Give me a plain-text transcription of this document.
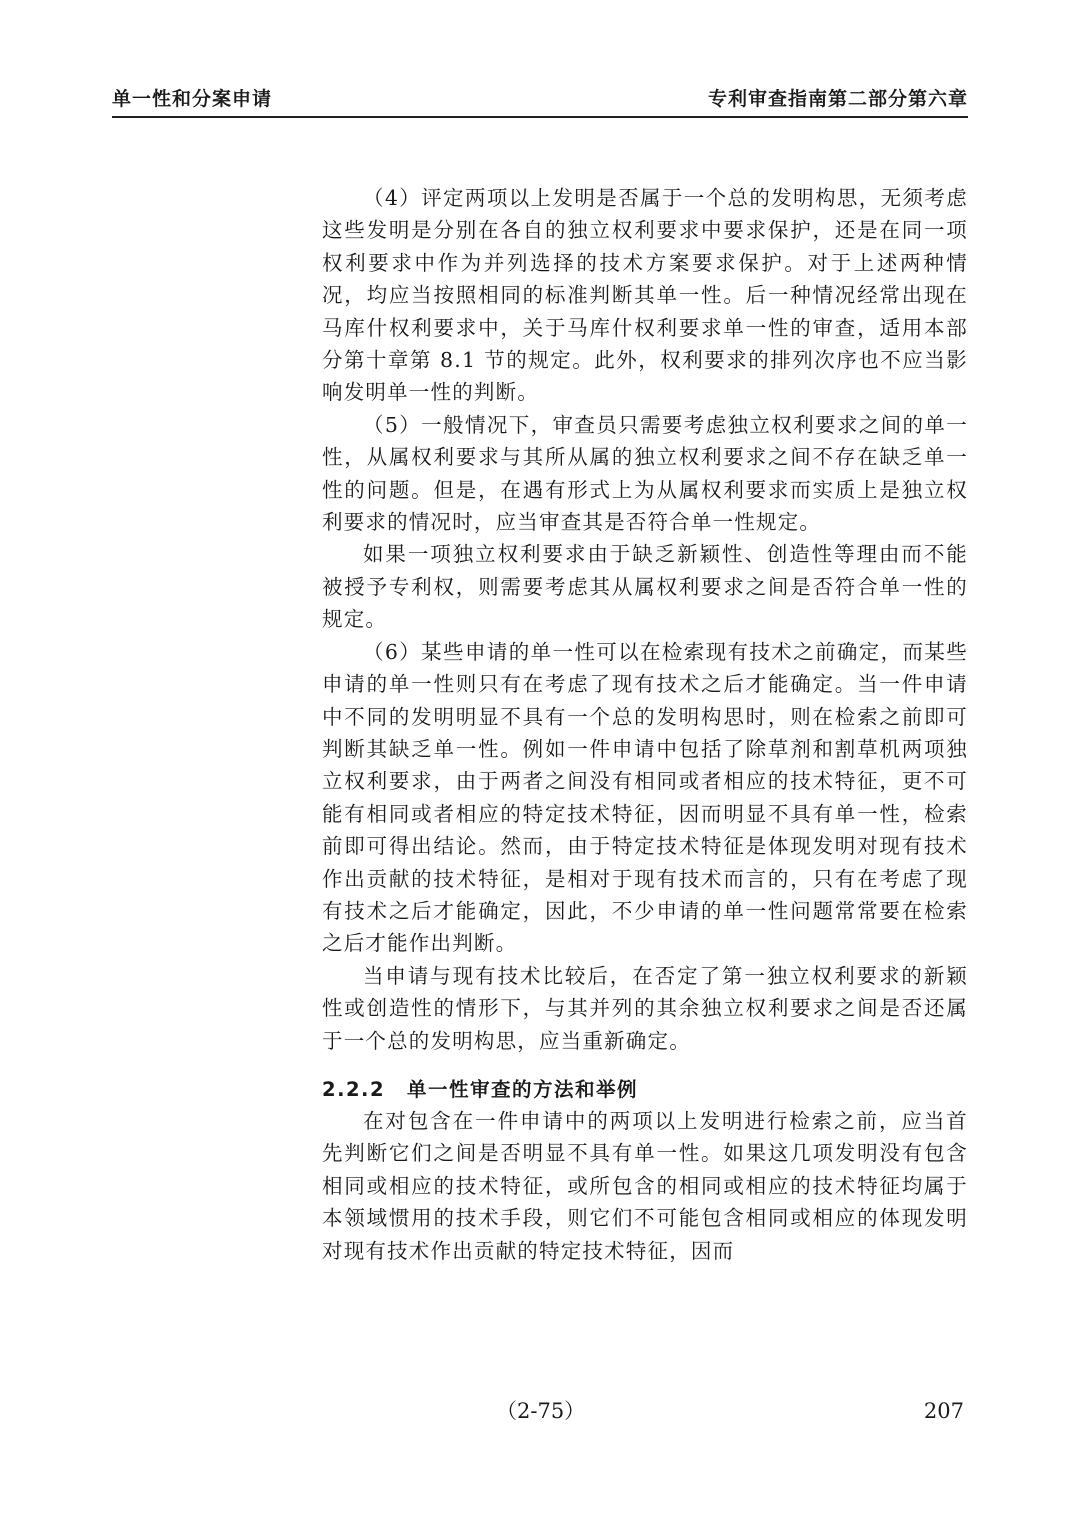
单一性和分案申请	专利审查指南第二部分第六章

（4）评定两项以上发明是否属于一个总的发明构思，无须考虑这些发明是分别在各自的独立权利要求中要求保护，还是在同一项权利要求中作为并列选择的技术方案要求保护。对于上述两种情况，均应当按照相同的标准判断其单一性。后一种情况经常出现在马库什权利要求中，关于马库什权利要求单一性的审查，适用本部分第十章第 8.1 节的规定。此外，权利要求的排列次序也不应当影响发明单一性的判断。

（5）一般情况下，审查员只需要考虑独立权利要求之间的单一性，从属权利要求与其所从属的独立权利要求之间不存在缺乏单一性的问题。但是，在遇有形式上为从属权利要求而实质上是独立权利要求的情况时，应当审查其是否符合单一性规定。

如果一项独立权利要求由于缺乏新颖性、创造性等理由而不能被授予专利权，则需要考虑其从属权利要求之间是否符合单一性的规定。

（6）某些申请的单一性可以在检索现有技术之前确定，而某些申请的单一性则只有在考虑了现有技术之后才能确定。当一件申请中不同的发明明显不具有一个总的发明构思时，则在检索之前即可判断其缺乏单一性。例如一件申请中包括了除草剂和割草机两项独立权利要求，由于两者之间没有相同或者相应的技术特征，更不可能有相同或者相应的特定技术特征，因而明显不具有单一性，检索前即可得出结论。然而，由于特定技术特征是体现发明对现有技术作出贡献的技术特征，是相对于现有技术而言的，只有在考虑了现有技术之后才能确定，因此，不少申请的单一性问题常常要在检索之后才能作出判断。

当申请与现有技术比较后，在否定了第一独立权利要求的新颖性或创造性的情形下，与其并列的其余独立权利要求之间是否还属于一个总的发明构思，应当重新确定。

2.2.2 单一性审查的方法和举例

在对包含在一件申请中的两项以上发明进行检索之前，应当首先判断它们之间是否明显不具有单一性。如果这几项发明没有包含相同或相应的技术特征，或所包含的相同或相应的技术特征均属于本领域惯用的技术手段，则它们不可能包含相同或相应的体现发明对现有技术作出贡献的特定技术特征，因而

（2-75）	207
